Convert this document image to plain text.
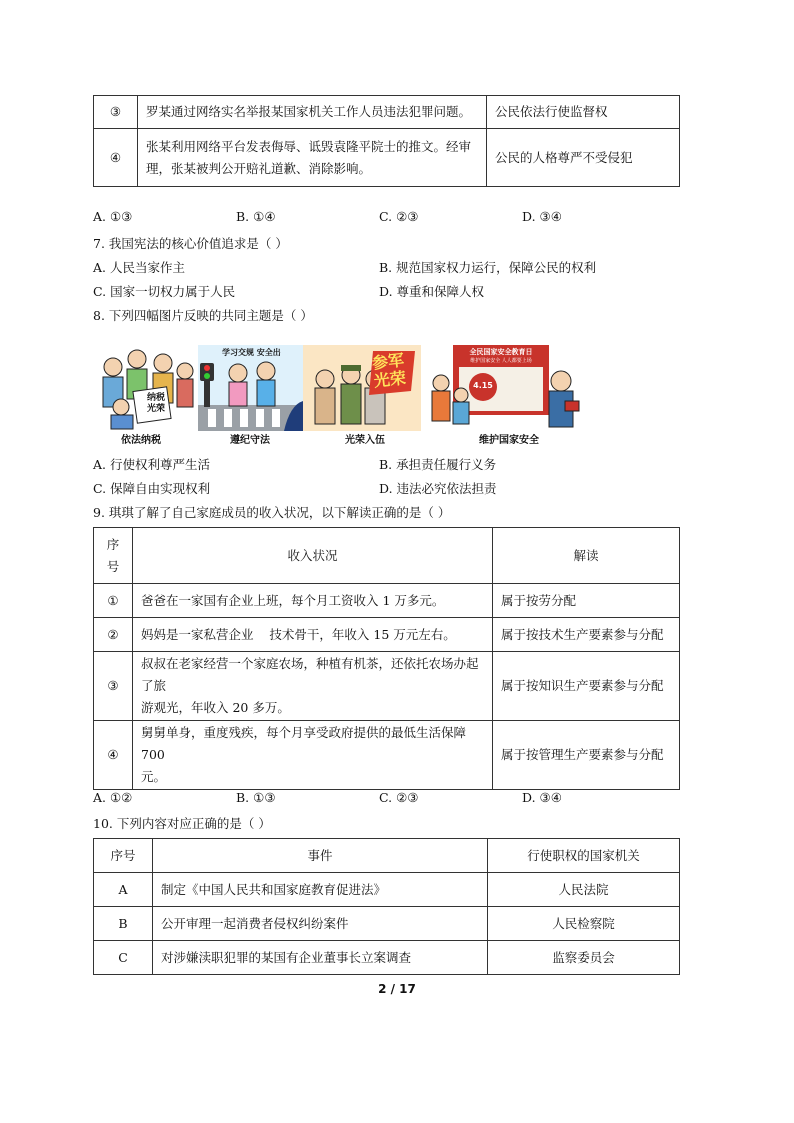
③	罗某通过网络实名举报某国家机关工作人员违法犯罪问题。	公民依法行使监督权
④	张某利用网络平台发表侮辱、诋毁袁隆平院士的推文。经审
理，张某被判公开赔礼道歉、消除影响。	公民的人格尊严不受侵犯
A. ①③	B. ①④	C. ②③	D. ③④
7. 我国宪法的核心价值追求是（ ）
A. 人民当家作主	B. 规范国家权力运行，保障公民的权利
C. 国家一切权力属于人民	D. 尊重和保障人权
8. 下列四幅图片反映的共同主题是（ ）
纳税
光荣
依法纳税
学习交规 安全出
遵纪守法
参军
光荣
光荣入伍
全民国家安全教育日
维护国家安全 人人都要上场
4.15
维护国家安全
A. 行使权利尊严生活	B. 承担责任履行义务
C. 保障自由实现权利	D. 违法必究依法担责
9. 琪琪了解了自己家庭成员的收入状况，以下解读正确的是（ ）
序
号	收入状况	解读
①	爸爸在一家国有企业上班，每个月工资收入 1 万多元。	属于按劳分配
②	妈妈是一家私营企业    技术骨干，年收入 15 万元左右。	属于按技术生产要素参与分配
③	叔叔在老家经营一个家庭农场，种植有机茶，还依托农场办起了旅
游观光，年收入 20 多万。	属于按知识生产要素参与分配
④	舅舅单身，重度残疾，每个月享受政府提供的最低生活保障 700
元。	属于按管理生产要素参与分配
A. ①②	B. ①③	C. ②③	D. ③④
10. 下列内容对应正确的是（ ）
序号	事件	行使职权的国家机关
A	制定《中国人民共和国家庭教育促进法》	人民法院
B	公开审理一起消费者侵权纠纷案件	人民检察院
C	对涉嫌渎职犯罪的某国有企业董事长立案调查	监察委员会
2 / 17
